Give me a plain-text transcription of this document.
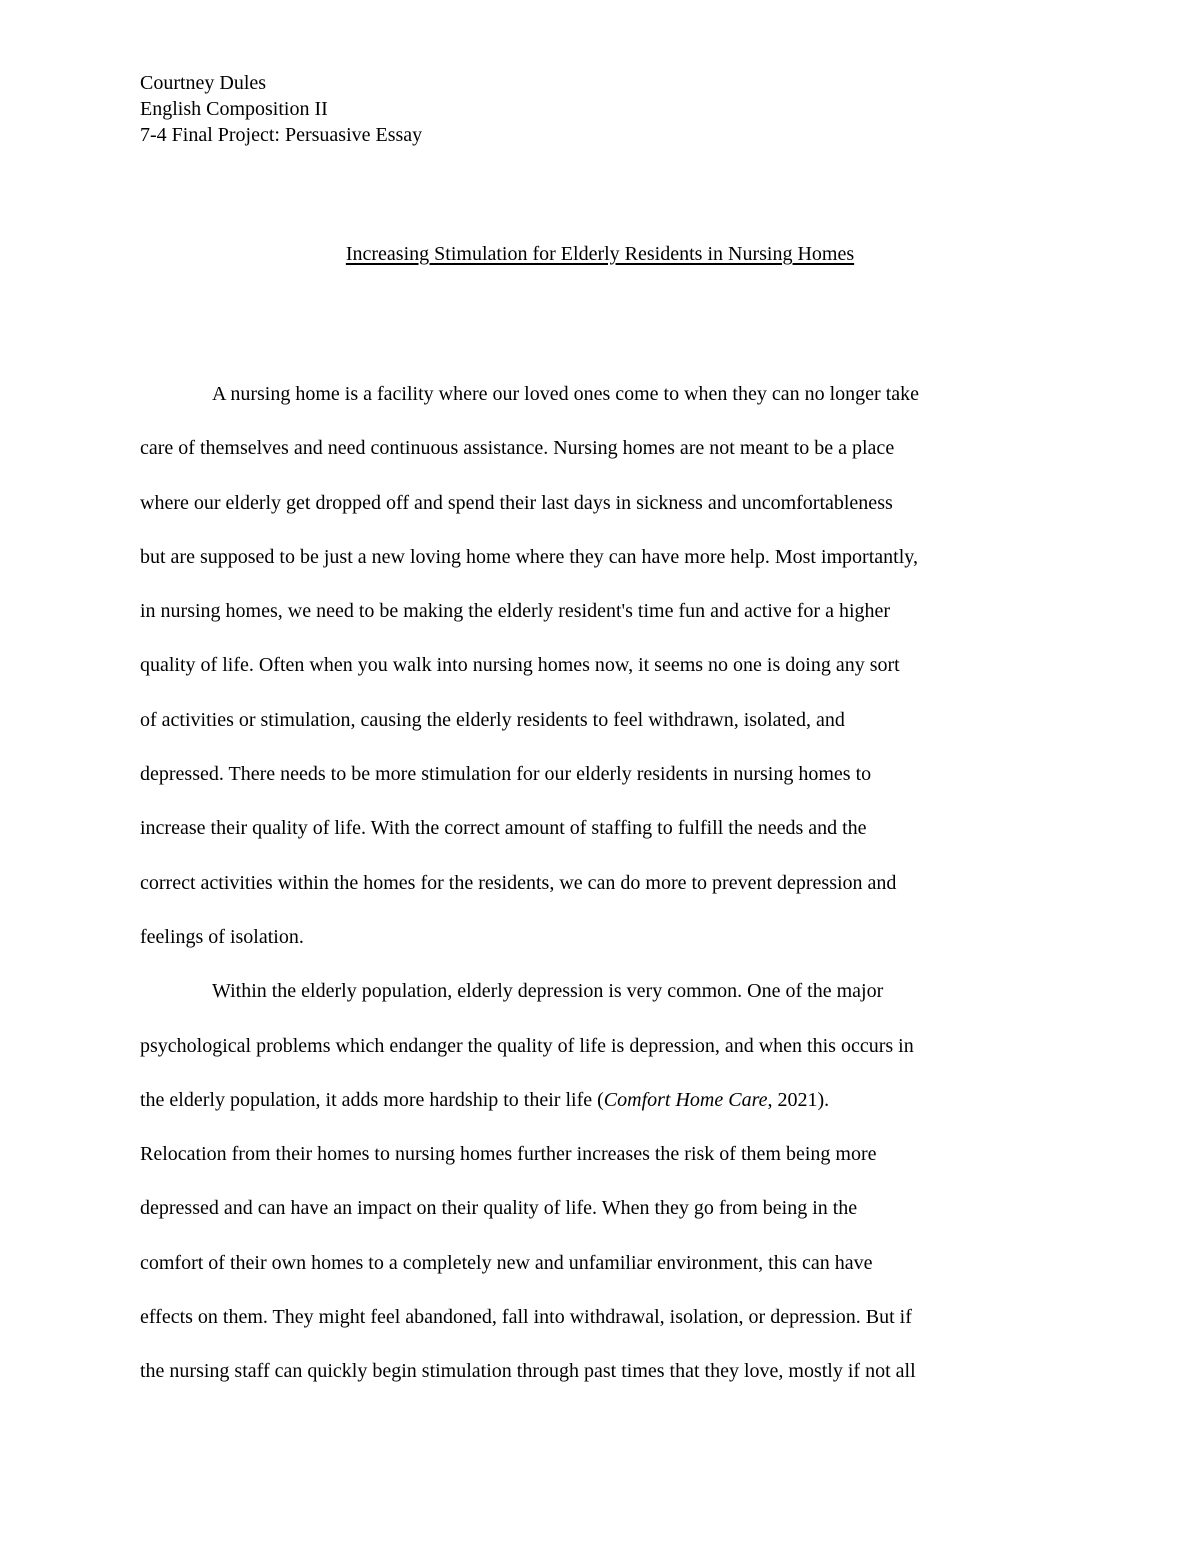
Courtney Dules
English Composition II
7-4 Final Project: Persuasive Essay
Increasing Stimulation for Elderly Residents in Nursing Homes
A nursing home is a facility where our loved ones come to when they can no longer take
care of themselves and need continuous assistance. Nursing homes are not meant to be a place
where our elderly get dropped off and spend their last days in sickness and uncomfortableness
but are supposed to be just a new loving home where they can have more help. Most importantly,
in nursing homes, we need to be making the elderly resident's time fun and active for a higher
quality of life. Often when you walk into nursing homes now, it seems no one is doing any sort
of activities or stimulation, causing the elderly residents to feel withdrawn, isolated, and
depressed. There needs to be more stimulation for our elderly residents in nursing homes to
increase their quality of life. With the correct amount of staffing to fulfill the needs and the
correct activities within the homes for the residents, we can do more to prevent depression and
feelings of isolation.
Within the elderly population, elderly depression is very common. One of the major
psychological problems which endanger the quality of life is depression, and when this occurs in
the elderly population, it adds more hardship to their life (Comfort Home Care, 2021).
Relocation from their homes to nursing homes further increases the risk of them being more
depressed and can have an impact on their quality of life. When they go from being in the
comfort of their own homes to a completely new and unfamiliar environment, this can have
effects on them. They might feel abandoned, fall into withdrawal, isolation, or depression. But if
the nursing staff can quickly begin stimulation through past times that they love, mostly if not all
